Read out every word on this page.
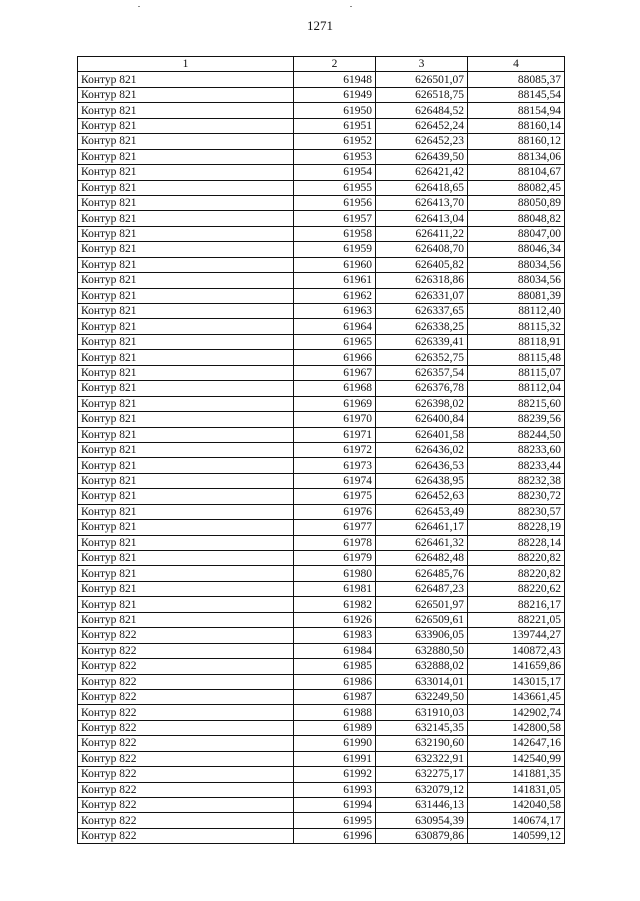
1271
1	2	3	4
Контур 821	61948	626501,07	88085,37
Контур 821	61949	626518,75	88145,54
Контур 821	61950	626484,52	88154,94
Контур 821	61951	626452,24	88160,14
Контур 821	61952	626452,23	88160,12
Контур 821	61953	626439,50	88134,06
Контур 821	61954	626421,42	88104,67
Контур 821	61955	626418,65	88082,45
Контур 821	61956	626413,70	88050,89
Контур 821	61957	626413,04	88048,82
Контур 821	61958	626411,22	88047,00
Контур 821	61959	626408,70	88046,34
Контур 821	61960	626405,82	88034,56
Контур 821	61961	626318,86	88034,56
Контур 821	61962	626331,07	88081,39
Контур 821	61963	626337,65	88112,40
Контур 821	61964	626338,25	88115,32
Контур 821	61965	626339,41	88118,91
Контур 821	61966	626352,75	88115,48
Контур 821	61967	626357,54	88115,07
Контур 821	61968	626376,78	88112,04
Контур 821	61969	626398,02	88215,60
Контур 821	61970	626400,84	88239,56
Контур 821	61971	626401,58	88244,50
Контур 821	61972	626436,02	88233,60
Контур 821	61973	626436,53	88233,44
Контур 821	61974	626438,95	88232,38
Контур 821	61975	626452,63	88230,72
Контур 821	61976	626453,49	88230,57
Контур 821	61977	626461,17	88228,19
Контур 821	61978	626461,32	88228,14
Контур 821	61979	626482,48	88220,82
Контур 821	61980	626485,76	88220,82
Контур 821	61981	626487,23	88220,62
Контур 821	61982	626501,97	88216,17
Контур 821	61926	626509,61	88221,05
Контур 822	61983	633906,05	139744,27
Контур 822	61984	632880,50	140872,43
Контур 822	61985	632888,02	141659,86
Контур 822	61986	633014,01	143015,17
Контур 822	61987	632249,50	143661,45
Контур 822	61988	631910,03	142902,74
Контур 822	61989	632145,35	142800,58
Контур 822	61990	632190,60	142647,16
Контур 822	61991	632322,91	142540,99
Контур 822	61992	632275,17	141881,35
Контур 822	61993	632079,12	141831,05
Контур 822	61994	631446,13	142040,58
Контур 822	61995	630954,39	140674,17
Контур 822	61996	630879,86	140599,12
